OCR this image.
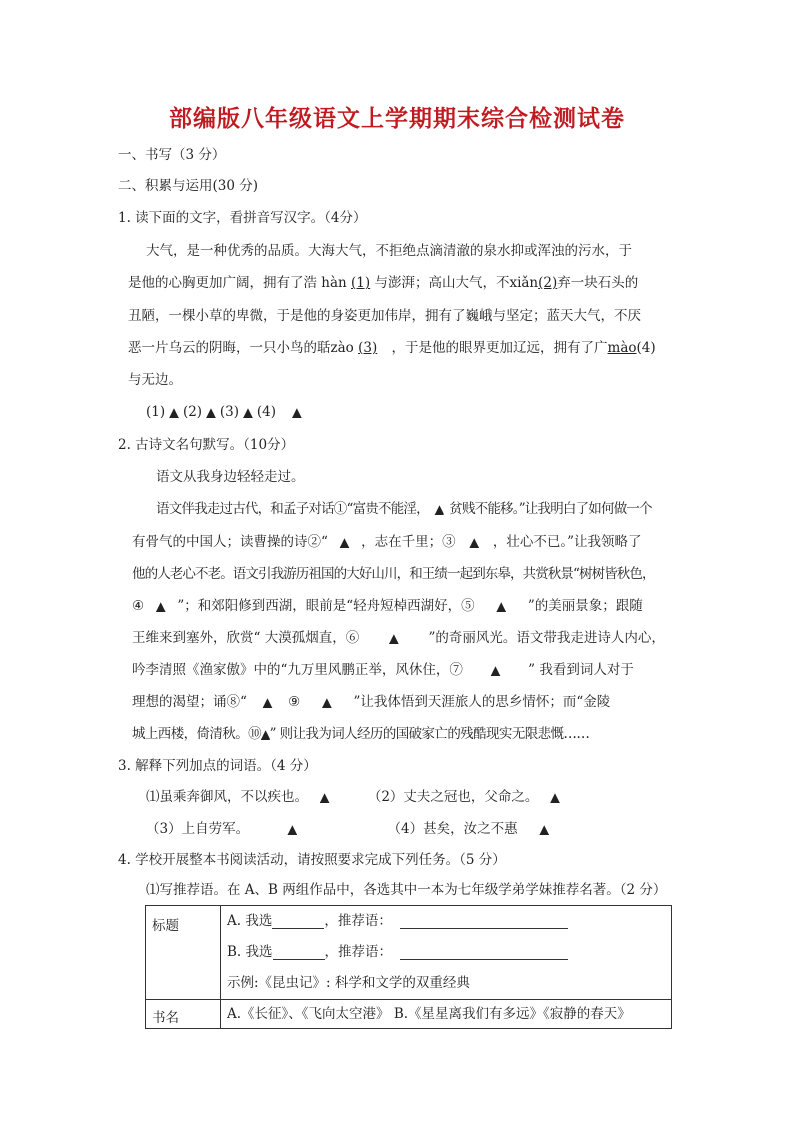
部编版八年级语文上学期期末综合检测试卷
一、书写（3 分）
二、积累与运用(30 分)
1. 读下面的文字，看拼音写汉字。（4分）
大气，是一种优秀的品质。大海大气，不拒绝点滴清澈的泉水抑或浑浊的污水，于
是他的心胸更加广阔，拥有了浩 hàn (1) 与澎湃；高山大气，不xiǎn(2)弃一块石头的
丑陋，一棵小草的卑微，于是他的身姿更加伟岸，拥有了巍峨与坚定；蓝天大气，不厌
恶一片乌云的阴晦，一只小鸟的聒zào (3) ，于是他的眼界更加辽远，拥有了广mào(4)
与无边。
(1) ▲ (2) ▲ (3) ▲ (4) ▲
2. 古诗文名句默写。（10分）
语文从我身边轻轻走过。
语文伴我走过古代，和孟子对话①“富贵不能淫， ▲ 贫贱不能移。”让我明白了如何做一个
有骨气的中国人；读曹操的诗②“ ▲ ，志在千里；③ ▲ ，壮心不已。”让我领略了
他的人老心不老。语文引我游历祖国的大好山川，和王绩一起到东皋，共赏秋景“树树皆秋色，
④ ▲ ”；和郊阳修到西湖，眼前是“轻舟短棹西湖好，⑤ ▲ ”的美丽景象；跟随
王维来到塞外，欣赏“ 大漠孤烟直，⑥	▲ ”的奇丽风光。语文带我走进诗人内心，
吟李清照《渔家傲》中的“九万里风鹏正举，风休住，⑦ ▲ ” 我看到词人对于
理想的渴望；诵⑧“ ▲ ⑨ ▲ ”让我体悟到天涯旅人的思乡情怀；而“金陵
城上西楼，倚清秋。⑩▲” 则让我为词人经历的国破家亡的残酷现实无限悲慨……
3. 解释下列加点的词语。（4 分）
⑴虽乘奔御风，不以疾也。 ▲	（2）丈夫之冠也，父命之。 ▲
（3）上自劳军。	▲	（4）甚矣，汝之不惠 ▲
4. 学校开展整本书阅读活动，请按照要求完成下列任务。（5 分）
⑴写推荐语。在 A、B 两组作品中，各选其中一本为七年级学弟学妹推荐名著。（2 分）
标题	A. 我选 ，推荐语：
B. 我选 ，推荐语：
示例:《昆虫记》: 科学和文学的双重经典

书名	A.《长征》、《飞向太空港》 B.《星星离我们有多远》《寂静的春天》
